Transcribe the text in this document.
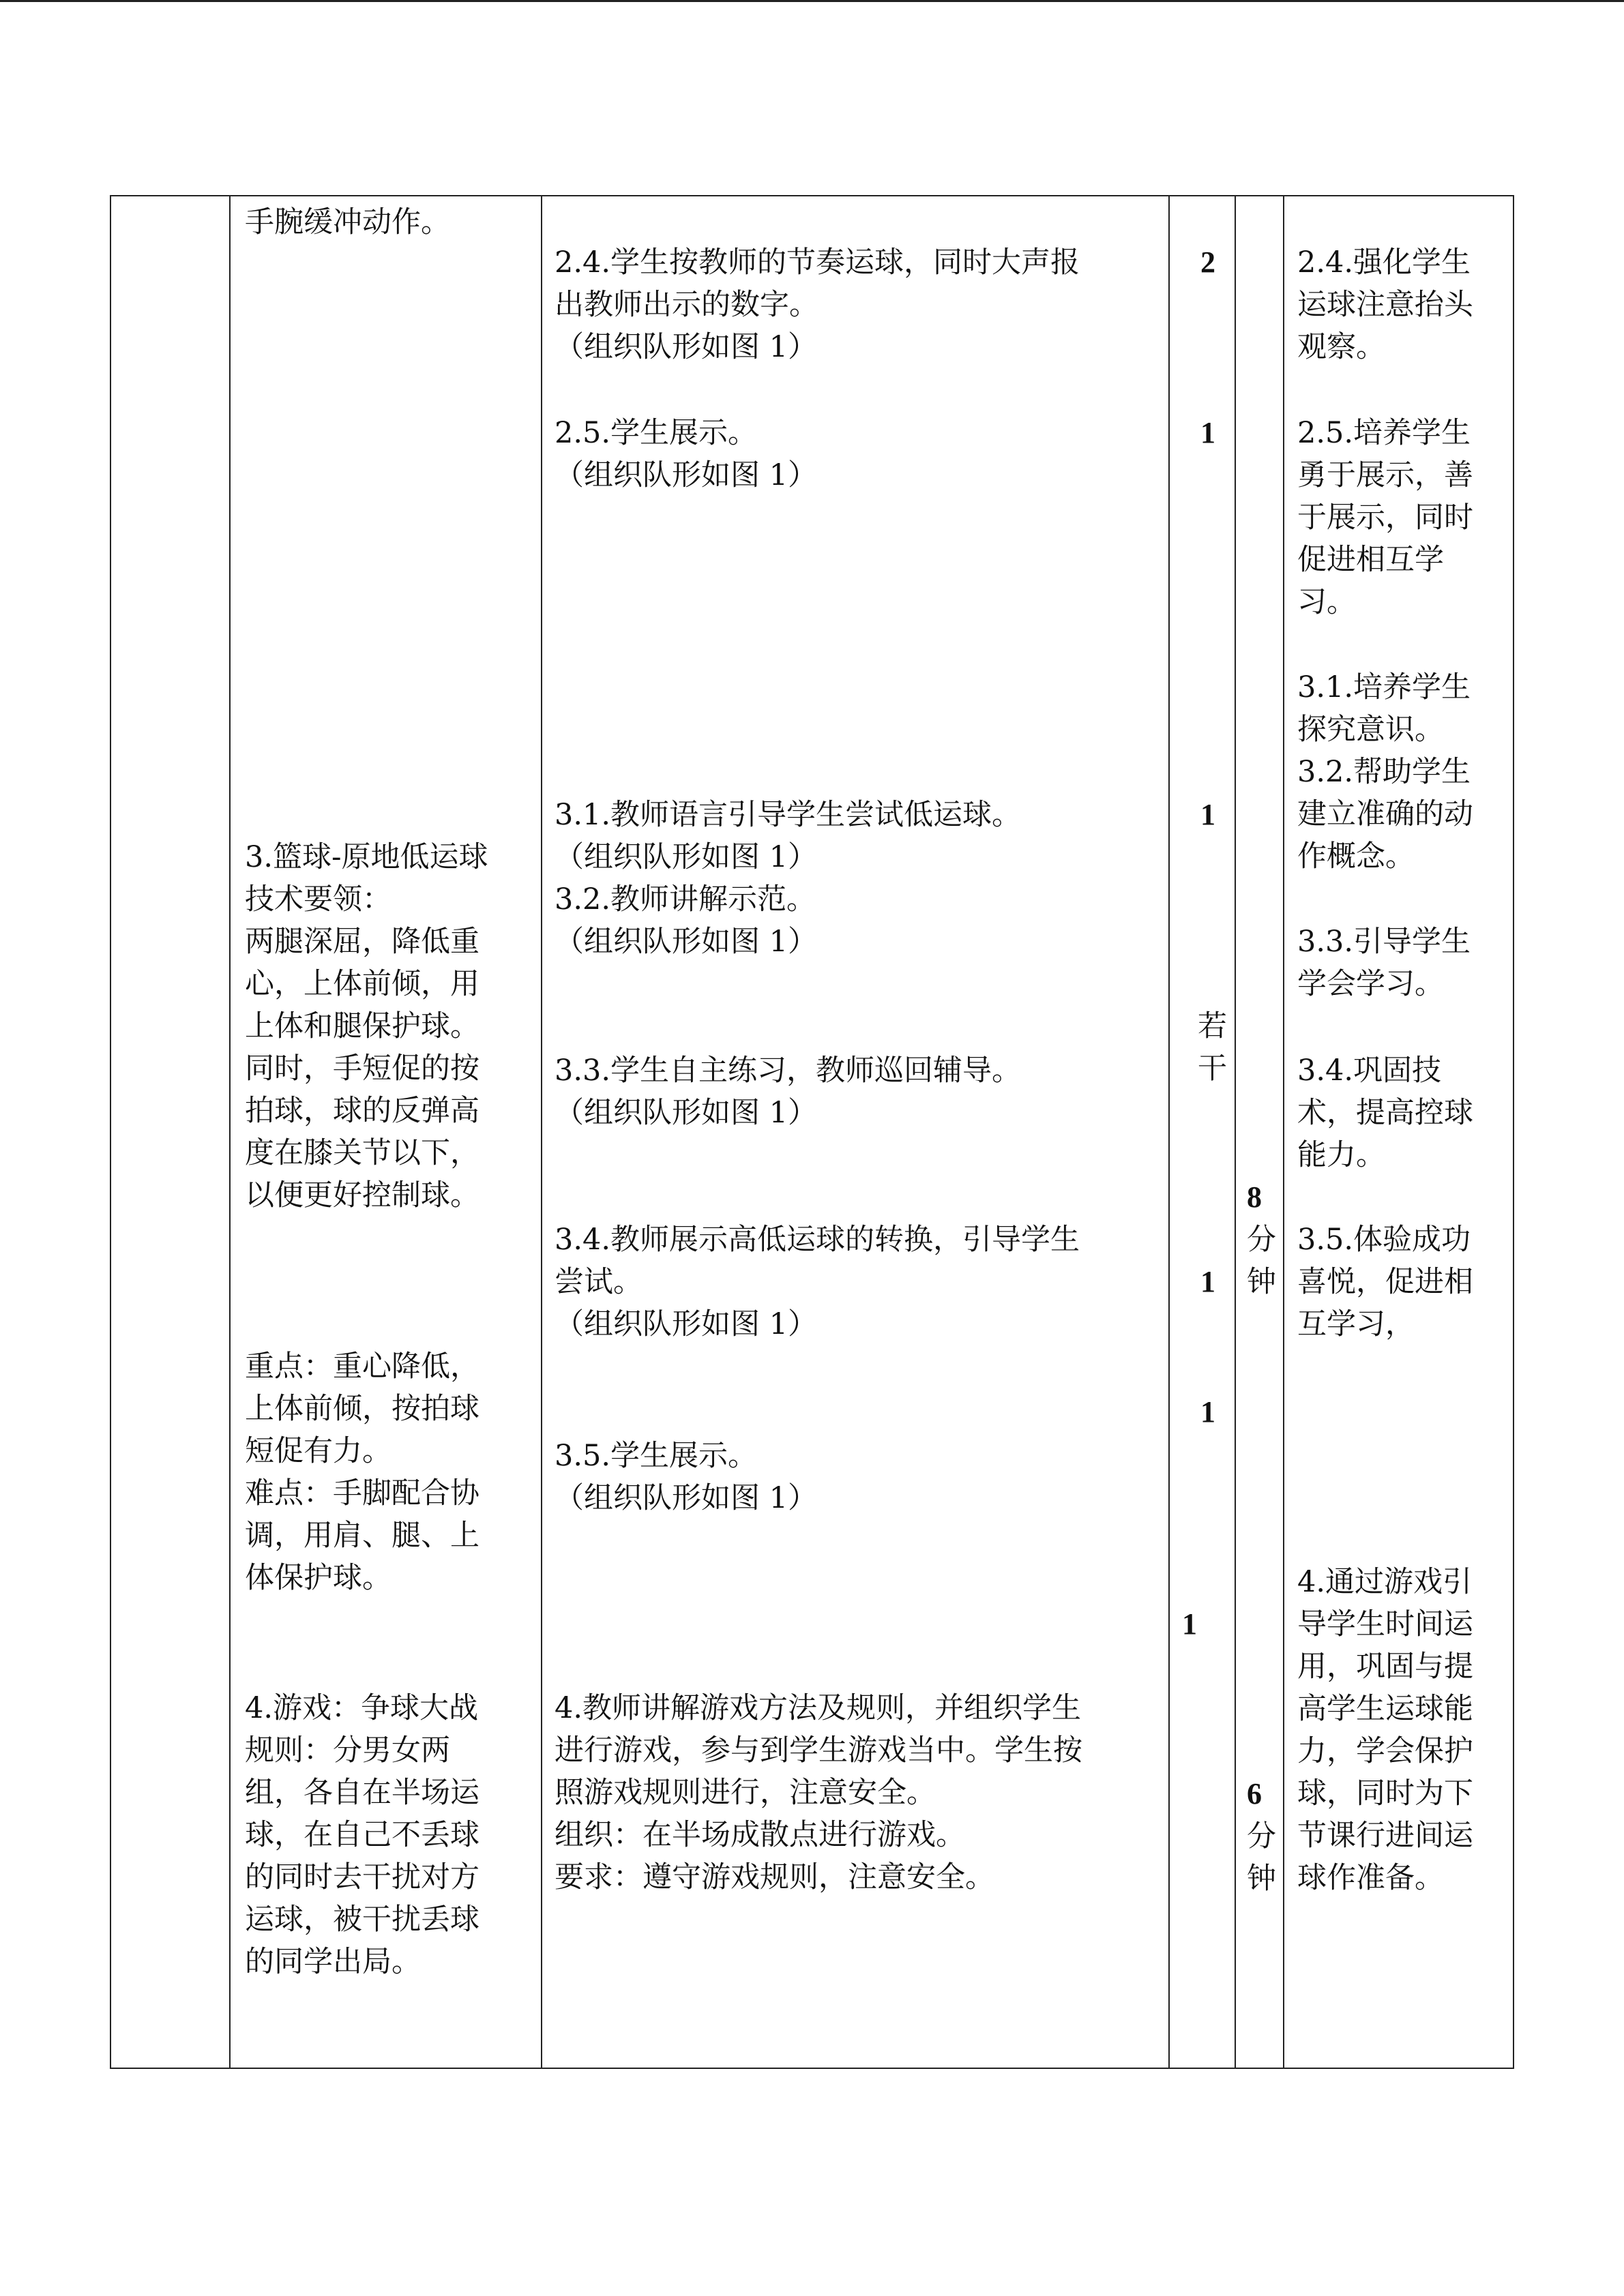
手腕缓冲动作。
3.篮球-原地低运球
技术要领：
两腿深屈，降低重
心，上体前倾，用
上体和腿保护球。
同时，手短促的按
拍球，球的反弹高
度在膝关节以下，
以便更好控制球。
重点：重心降低，
上体前倾，按拍球
短促有力。
难点：手脚配合协
调，用肩、腿、上
体保护球。
4.游戏：争球大战
规则：分男女两
组，各自在半场运
球，在自己不丢球
的同时去干扰对方
运球，被干扰丢球
的同学出局。
2.4.学生按教师的节奏运球，同时大声报
出教师出示的数字。
（组织队形如图 1）
2.5.学生展示。
（组织队形如图 1）
3.1.教师语言引导学生尝试低运球。
（组织队形如图 1）
3.2.教师讲解示范。
（组织队形如图 1）
3.3.学生自主练习，教师巡回辅导。
（组织队形如图 1）
3.4.教师展示高低运球的转换，引导学生
尝试。
（组织队形如图 1）
3.5.学生展示。
（组织队形如图 1）
4.教师讲解游戏方法及规则，并组织学生
进行游戏，参与到学生游戏当中。学生按
照游戏规则进行，注意安全。
组织：在半场成散点进行游戏。
要求：遵守游戏规则，注意安全。
2
1
1
若
干
1
1
1
8
分
钟
6
分
钟
2.4.强化学生
运球注意抬头
观察。
2.5.培养学生
勇于展示，善
于展示，同时
促进相互学
习。
3.1.培养学生
探究意识。
3.2.帮助学生
建立准确的动
作概念。
3.3.引导学生
学会学习。
3.4.巩固技
术，提高控球
能力。
3.5.体验成功
喜悦，促进相
互学习，
4.通过游戏引
导学生时间运
用，巩固与提
高学生运球能
力，学会保护
球，同时为下
节课行进间运
球作准备。
